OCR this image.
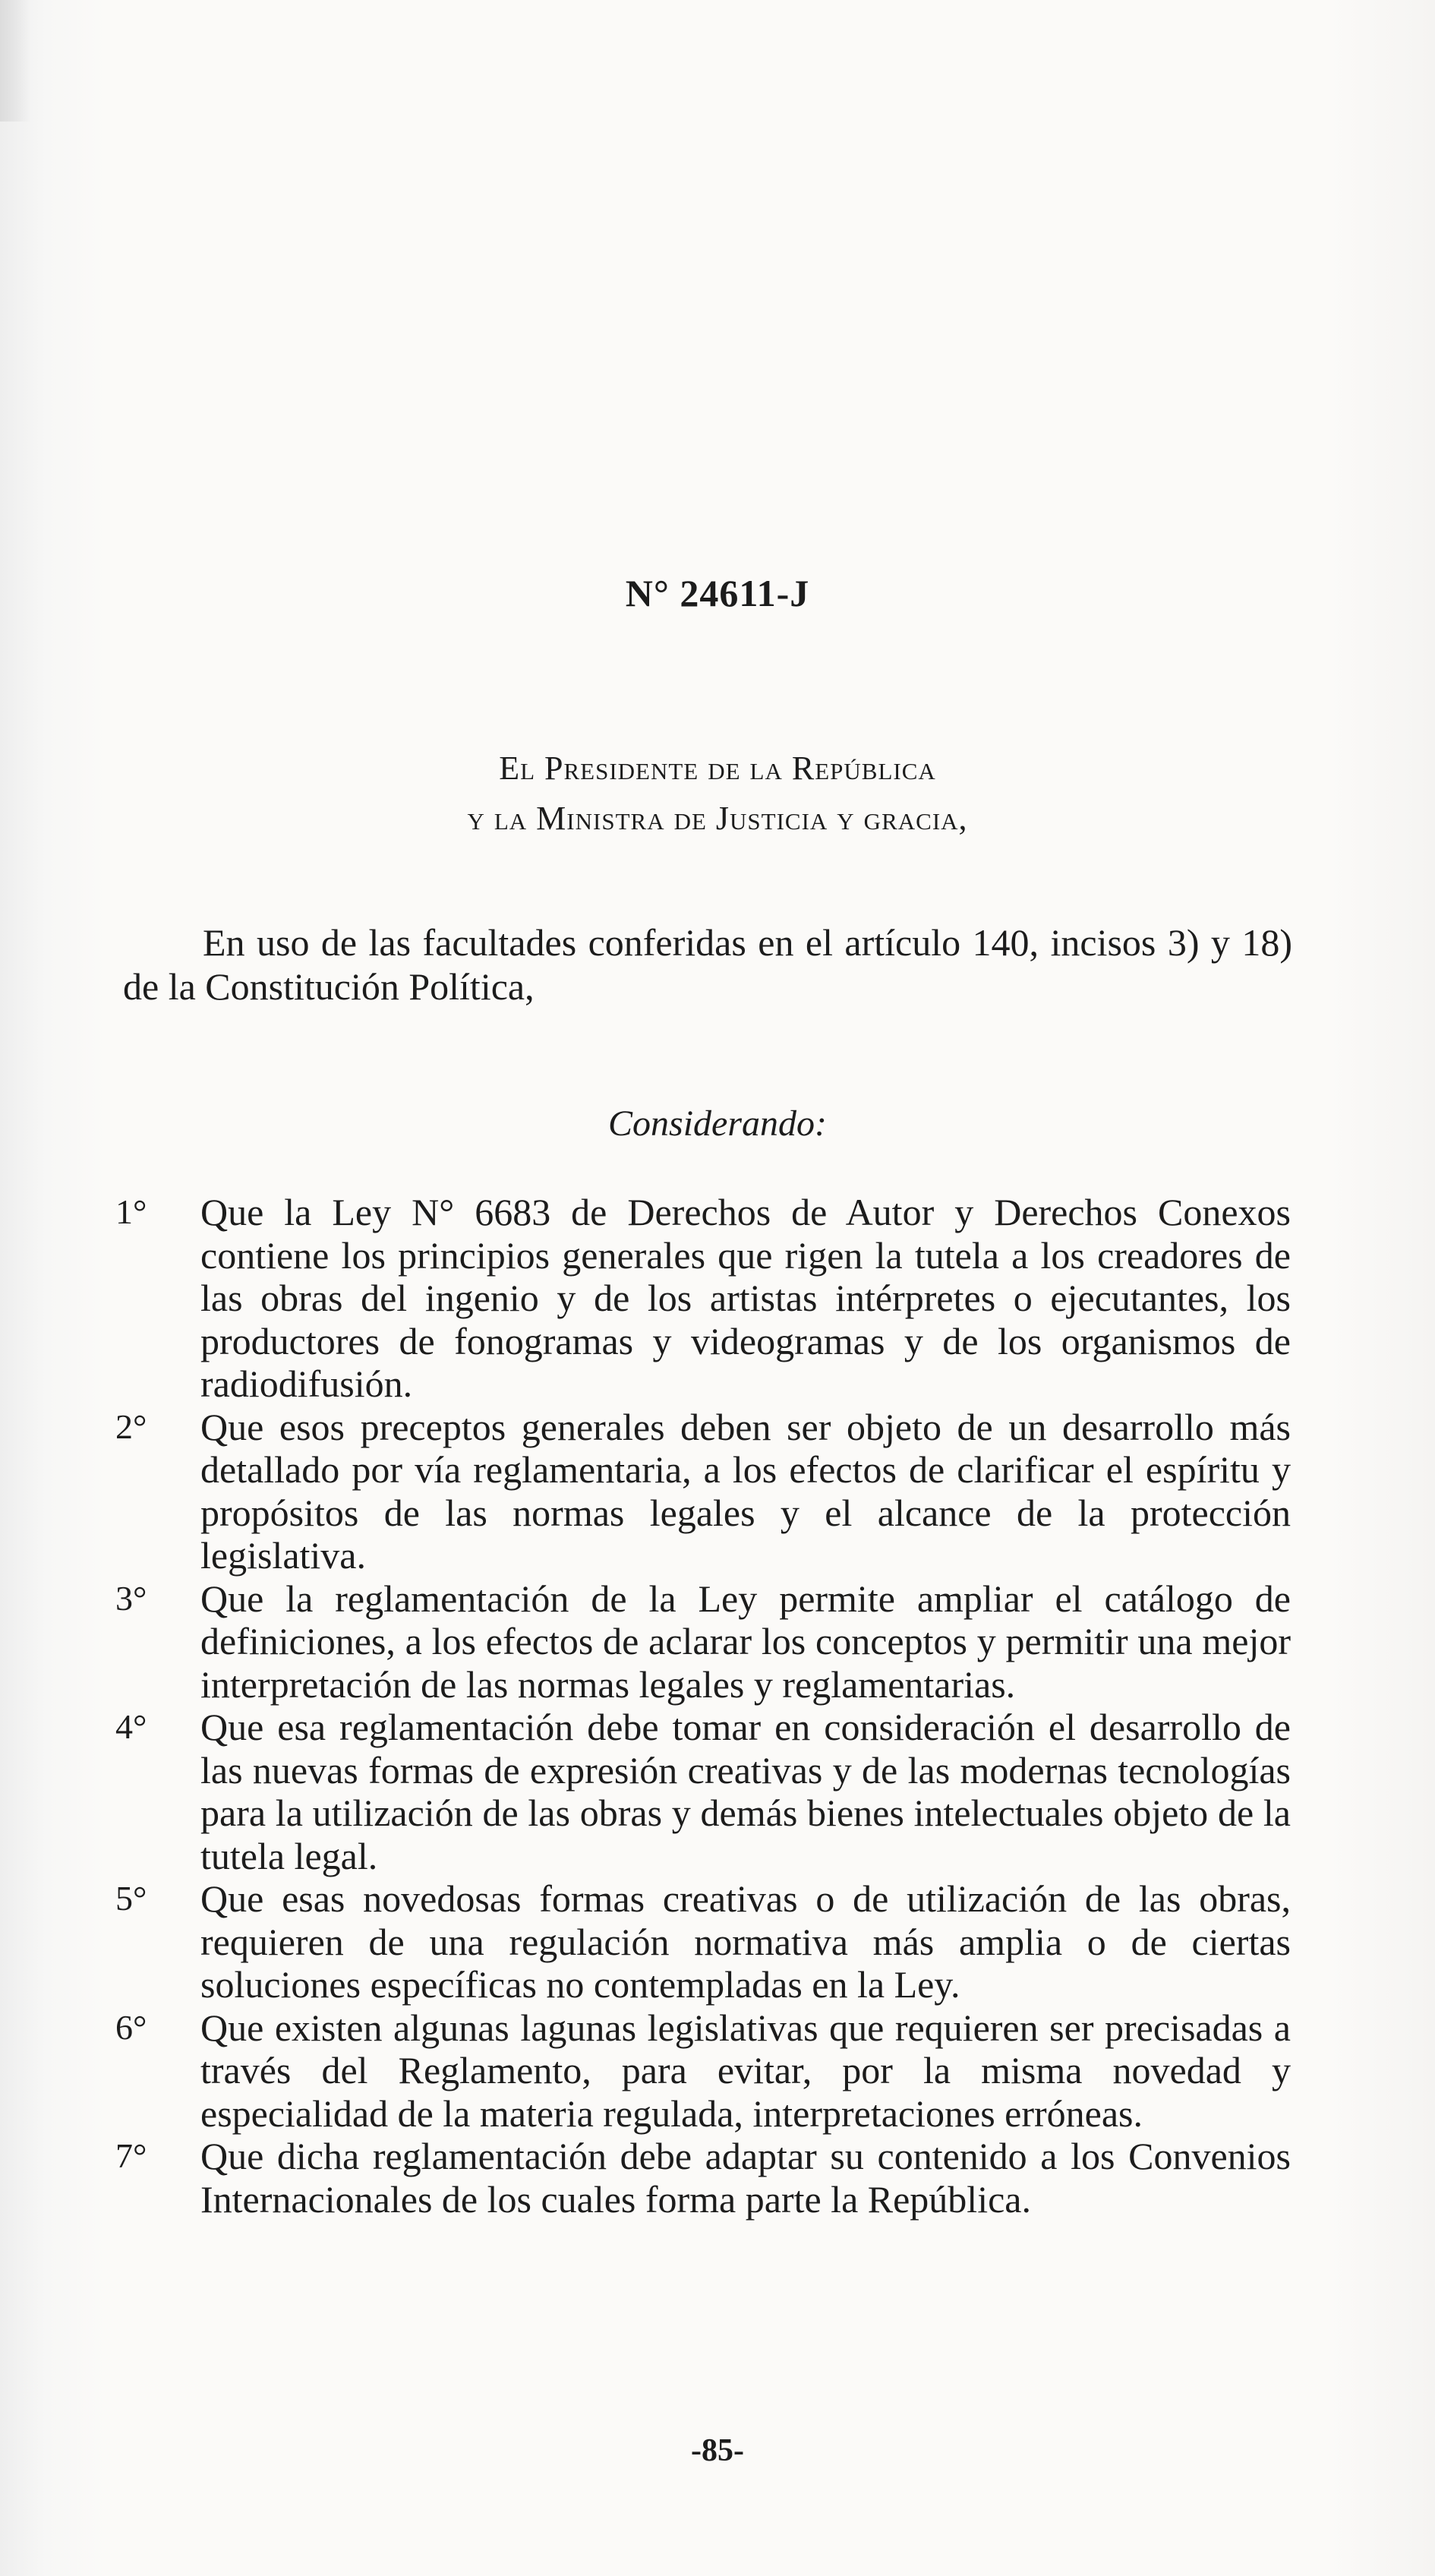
N° 24611-J
El Presidente de la República
y la Ministra de Justicia y gracia,

En uso de las facultades conferidas en el artículo 140, incisos 3) y 18) de la Constitución Política,

Considerando:
1°	Que la Ley N° 6683 de Derechos de Autor y Derechos Conexos contiene los principios generales que rigen la tutela a los creadores de las obras del ingenio y de los artistas intérpretes o ejecutantes, los productores de fonogramas y videogramas y de los organismos de radiodifusión.

2°	Que esos preceptos generales deben ser objeto de un desarrollo más detallado por vía reglamentaria, a los efectos de clarificar el espíritu y propósitos de las normas legales y el alcance de la protección legislativa.

3°	Que la reglamentación de la Ley permite ampliar el catálogo de definiciones, a los efectos de aclarar los conceptos y permitir una mejor interpretación de las normas legales y reglamentarias.

4°	Que esa reglamentación debe tomar en consideración el desarrollo de las nuevas formas de expresión creativas y de las modernas tecnologías para la utilización de las obras y demás bienes intelectuales objeto de la tutela legal.

5°	Que esas novedosas formas creativas o de utilización de las obras, requieren de una regulación normativa más amplia o de ciertas soluciones específicas no contempladas en la Ley.

6°	Que existen algunas lagunas legislativas que requieren ser precisadas a través del Reglamento, para evitar, por la misma novedad y especialidad de la materia regulada, interpretaciones erróneas.

7°	Que dicha reglamentación debe adaptar su contenido a los Convenios Internacionales de los cuales forma parte la República.

-85-
